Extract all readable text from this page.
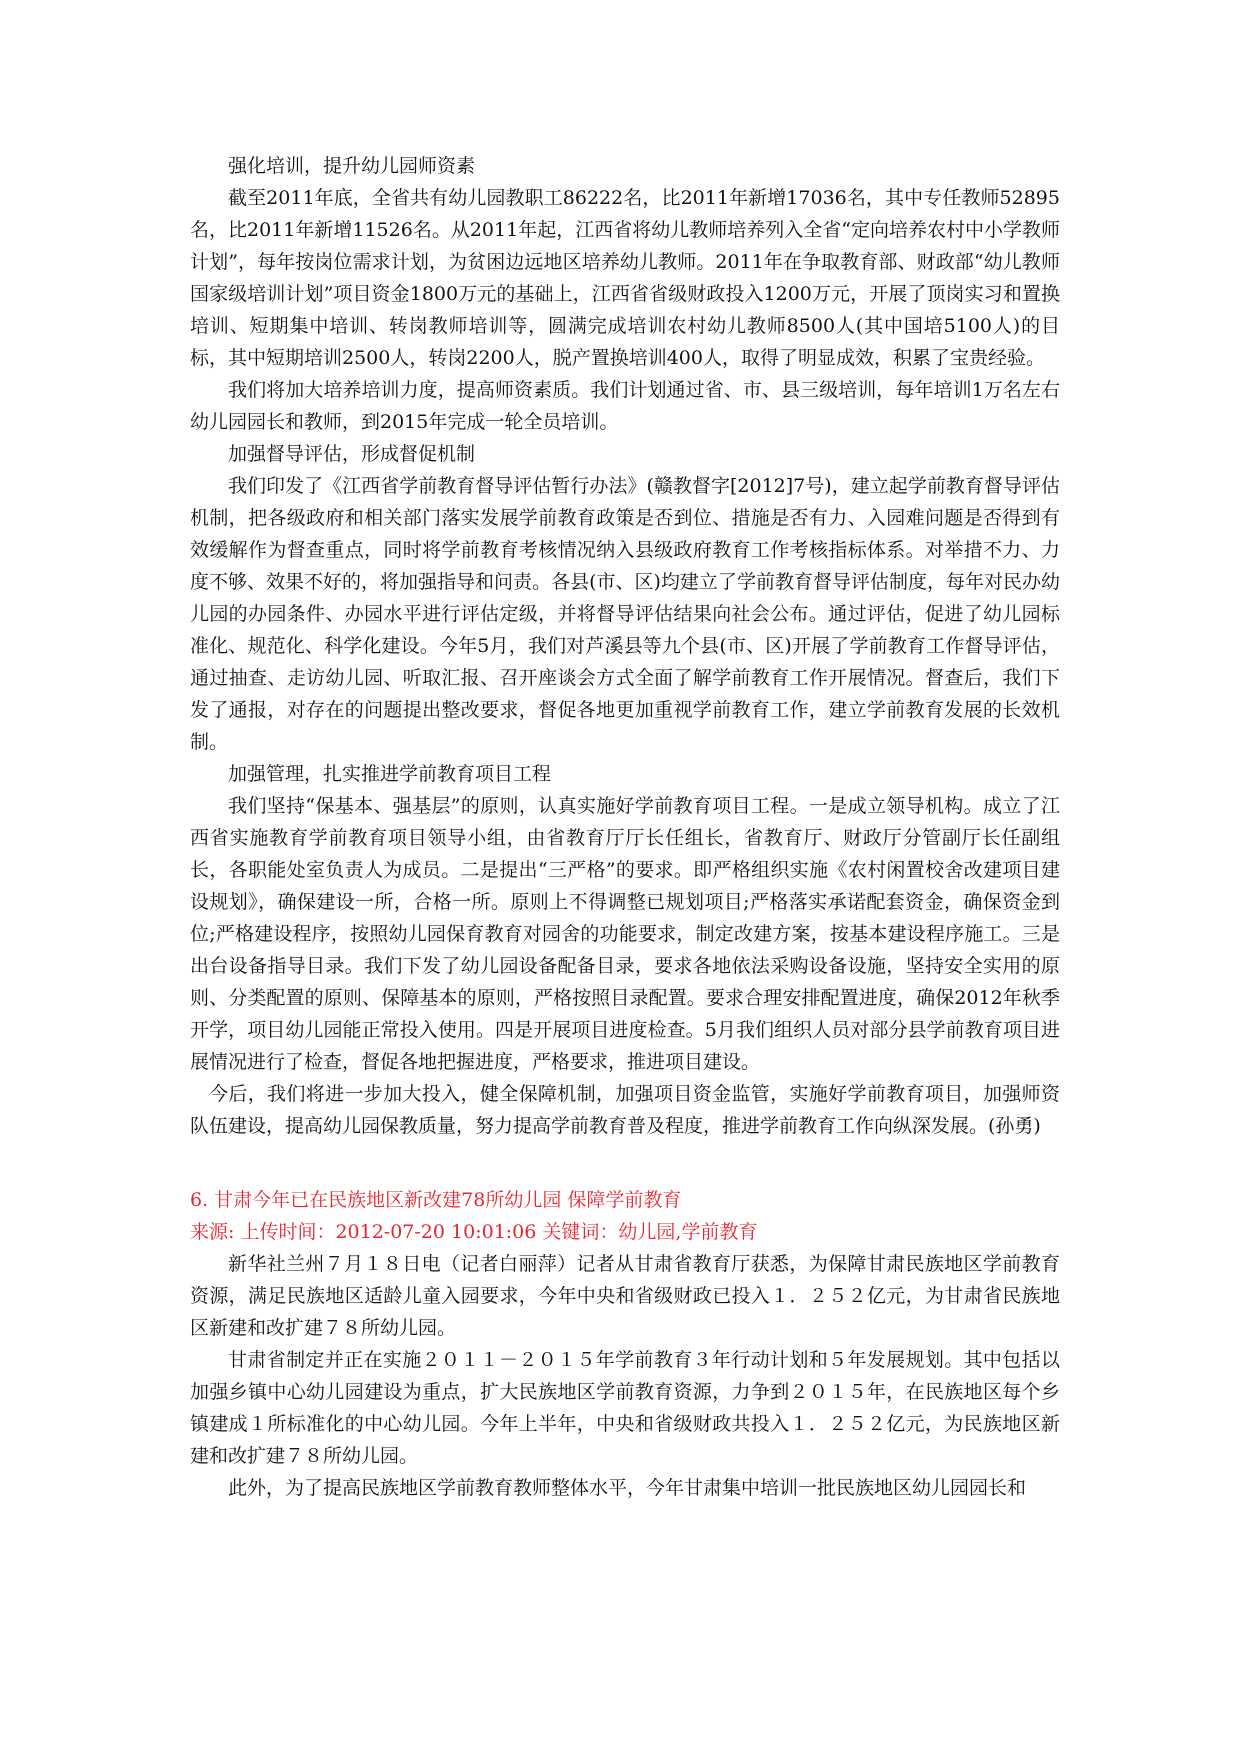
强化培训，提升幼儿园师资素

截至2011年底，全省共有幼儿园教职工86222名，比2011年新增17036名，其中专任教师52895名，比2011年新增11526名。从2011年起，江西省将幼儿教师培养列入全省“定向培养农村中小学教师计划”，每年按岗位需求计划，为贫困边远地区培养幼儿教师。2011年在争取教育部、财政部“幼儿教师国家级培训计划”项目资金1800万元的基础上，江西省省级财政投入1200万元，开展了顶岗实习和置换培训、短期集中培训、转岗教师培训等，圆满完成培训农村幼儿教师8500人(其中国培5100人)的目标，其中短期培训2500人，转岗2200人，脱产置换培训400人，取得了明显成效，积累了宝贵经验。

我们将加大培养培训力度，提高师资素质。我们计划通过省、市、县三级培训，每年培训1万名左右幼儿园园长和教师，到2015年完成一轮全员培训。

加强督导评估，形成督促机制

我们印发了《江西省学前教育督导评估暂行办法》(赣教督字[2012]7号)，建立起学前教育督导评估机制，把各级政府和相关部门落实发展学前教育政策是否到位、措施是否有力、入园难问题是否得到有效缓解作为督查重点，同时将学前教育考核情况纳入县级政府教育工作考核指标体系。对举措不力、力度不够、效果不好的，将加强指导和问责。各县(市、区)均建立了学前教育督导评估制度，每年对民办幼儿园的办园条件、办园水平进行评估定级，并将督导评估结果向社会公布。通过评估，促进了幼儿园标准化、规范化、科学化建设。今年5月，我们对芦溪县等九个县(市、区)开展了学前教育工作督导评估，通过抽查、走访幼儿园、听取汇报、召开座谈会方式全面了解学前教育工作开展情况。督查后，我们下发了通报，对存在的问题提出整改要求，督促各地更加重视学前教育工作，建立学前教育发展的长效机制。

加强管理，扎实推进学前教育项目工程

我们坚持“保基本、强基层”的原则，认真实施好学前教育项目工程。一是成立领导机构。成立了江西省实施教育学前教育项目领导小组，由省教育厅厅长任组长，省教育厅、财政厅分管副厅长任副组长，各职能处室负责人为成员。二是提出“三严格”的要求。即严格组织实施《农村闲置校舍改建项目建设规划》，确保建设一所，合格一所。原则上不得调整已规划项目;严格落实承诺配套资金，确保资金到位;严格建设程序，按照幼儿园保育教育对园舍的功能要求，制定改建方案，按基本建设程序施工。三是出台设备指导目录。我们下发了幼儿园设备配备目录，要求各地依法采购设备设施，坚持安全实用的原则、分类配置的原则、保障基本的原则，严格按照目录配置。要求合理安排配置进度，确保2012年秋季开学，项目幼儿园能正常投入使用。四是开展项目进度检查。5月我们组织人员对部分县学前教育项目进展情况进行了检查，督促各地把握进度，严格要求，推进项目建设。

今后，我们将进一步加大投入，健全保障机制，加强项目资金监管，实施好学前教育项目，加强师资队伍建设，提高幼儿园保教质量，努力提高学前教育普及程度，推进学前教育工作向纵深发展。(孙勇)

6. 甘肃今年已在民族地区新改建78所幼儿园 保障学前教育

来源: 上传时间：2012-07-20 10:01:06 关键词：幼儿园,学前教育

新华社兰州７月１８日电（记者白丽萍）记者从甘肃省教育厅获悉，为保障甘肃民族地区学前教育资源，满足民族地区适龄儿童入园要求，今年中央和省级财政已投入１．２５２亿元，为甘肃省民族地区新建和改扩建７８所幼儿园。

甘肃省制定并正在实施２０１１－２０１５年学前教育３年行动计划和５年发展规划。其中包括以加强乡镇中心幼儿园建设为重点，扩大民族地区学前教育资源，力争到２０１５年，在民族地区每个乡镇建成１所标准化的中心幼儿园。今年上半年，中央和省级财政共投入１．２５２亿元，为民族地区新建和改扩建７８所幼儿园。

此外，为了提高民族地区学前教育教师整体水平，今年甘肃集中培训一批民族地区幼儿园园长和
